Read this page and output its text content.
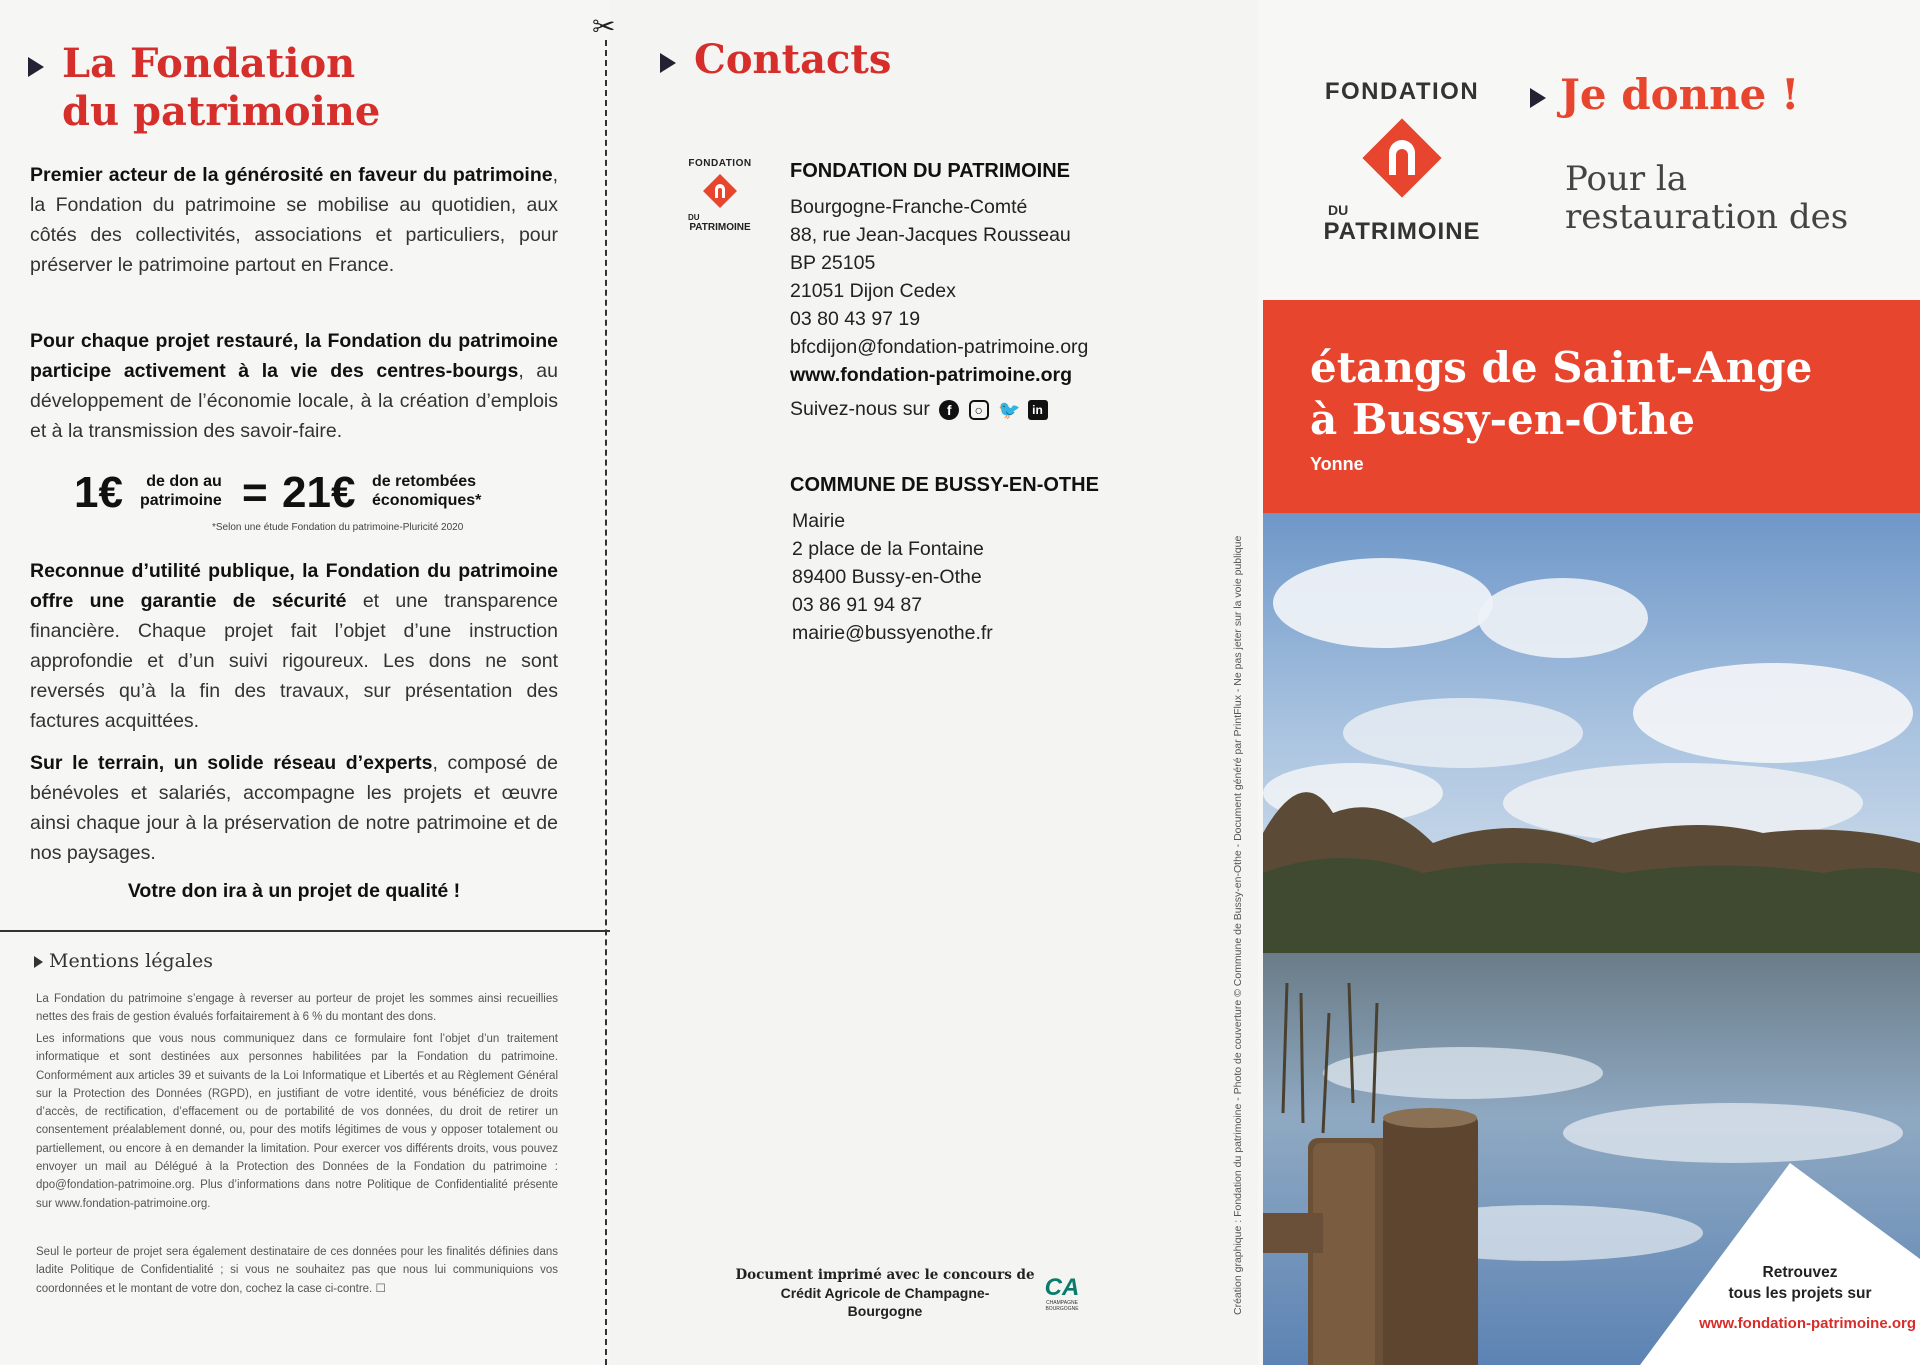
La Fondation
du patrimoine
Premier acteur de la générosité en faveur du patrimoine, la Fondation du patrimoine se mobilise au quotidien, aux côtés des collectivités, associations et particuliers, pour préserver le patrimoine partout en France.
Pour chaque projet restauré, la Fondation du patrimoine participe activement à la vie des centres-bourgs, au développement de l’économie locale, à la création d’emplois et à la transmission des savoir-faire.
1€	de don au
patrimoine = 21€ de retombées
économiques*
*Selon une étude Fondation du patrimoine-Pluricité 2020
Reconnue d’utilité publique, la Fondation du patrimoine offre une garantie de sécurité et une transparence financière. Chaque projet fait l’objet d’une instruction approfondie et d’un suivi rigoureux. Les dons ne sont reversés qu’à la fin des travaux, sur présentation des factures acquittées.
Sur le terrain, un solide réseau d’experts, composé de bénévoles et salariés, accompagne les projets et œuvre ainsi chaque jour à la préservation de notre patrimoine et de nos paysages.
Votre don ira à un projet de qualité !
Mentions légales
La Fondation du patrimoine s’engage à reverser au porteur de projet les sommes ainsi recueillies nettes des frais de gestion évalués forfaitairement à 6 % du montant des dons.
Les informations que vous nous communiquez dans ce formulaire font l’objet d’un traitement informatique et sont destinées aux personnes habilitées par la Fondation du patrimoine. Conformément aux articles 39 et suivants de la Loi Informatique et Libertés et au Règlement Général sur la Protection des Données (RGPD), en justifiant de votre identité, vous bénéficiez de droits d’accès, de rectification, d’effacement ou de portabilité de vos données, du droit de retirer un consentement préalablement donné, ou, pour des motifs légitimes de vous y opposer totalement ou partiellement, ou encore à en demander la limitation. Pour exercer vos différents droits, vous pouvez envoyer un mail au Délégué à la Protection des Données de la Fondation du patrimoine : dpo@fondation-patrimoine.org. Plus d’informations dans notre Politique de Confidentialité présente sur www.fondation-patrimoine.org.
Seul le porteur de projet sera également destinataire de ces données pour les finalités définies dans ladite Politique de Confidentialité ; si vous ne souhaitez pas que nous lui communiquions vos coordonnées et le montant de votre don, cochez la case ci-contre. ☐
✂
Contacts
FONDATION
DU
PATRIMOINE
FONDATION DU PATRIMOINE
Bourgogne-Franche-Comté
88, rue Jean-Jacques Rousseau
BP 25105
21051 Dijon Cedex
03 80 43 97 19
bfcdijon@fondation-patrimoine.org
www.fondation-patrimoine.org
Suivez-nous sur f ○ 🐦 in
COMMUNE DE BUSSY-EN-OTHE
Mairie
2 place de la Fontaine
89400 Bussy-en-Othe
03 86 91 94 87
mairie@bussyenothe.fr
Document imprimé avec le concours de
Crédit Agricole de Champagne-
Bourgogne
CA
CHAMPAGNE BOURGOGNE
FONDATION
DU
PATRIMOINE
Je donne !
Pour la
restauration des
étangs de Saint-Ange
à Bussy-en-Othe
Yonne
Création graphique : Fondation du patrimoine - Photo de couverture © Commune de Bussy-en-Othe - Document généré par PrintFlux - Ne pas jeter sur la voie publique	Retrouvez
tous les projets sur
www.fondation-patrimoine.org
